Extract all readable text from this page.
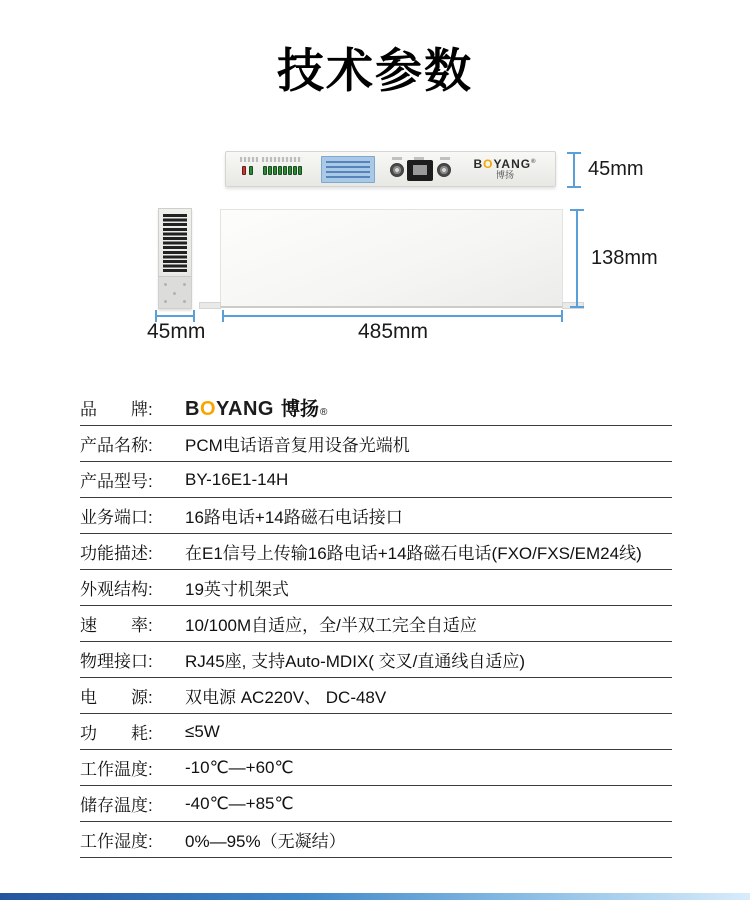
技术参数
BOYANG®
博扬	45mm
138mm
45mm	485mm
品　　牌:	BOYANG 博扬 ®
产品名称:	PCM电话语音复用设备光端机
产品型号:	BY-16E1-14H
业务端口:	16路电话+14路磁石电话接口
功能描述:	在E1信号上传输16路电话+14路磁石电话(FXO/FXS/EM24线)
外观结构:	19英寸机架式
速　　率:	10/100M自适应，全/半双工完全自适应
物理接口:	RJ45座, 支持Auto-MDIX( 交叉/直通线自适应)
电　　源:	双电源 AC220V、 DC-48V
功　　耗:	≤5W
工作温度:	-10℃—+60℃
储存温度:	-40℃—+85℃
工作湿度:	0%—95%（无凝结）
